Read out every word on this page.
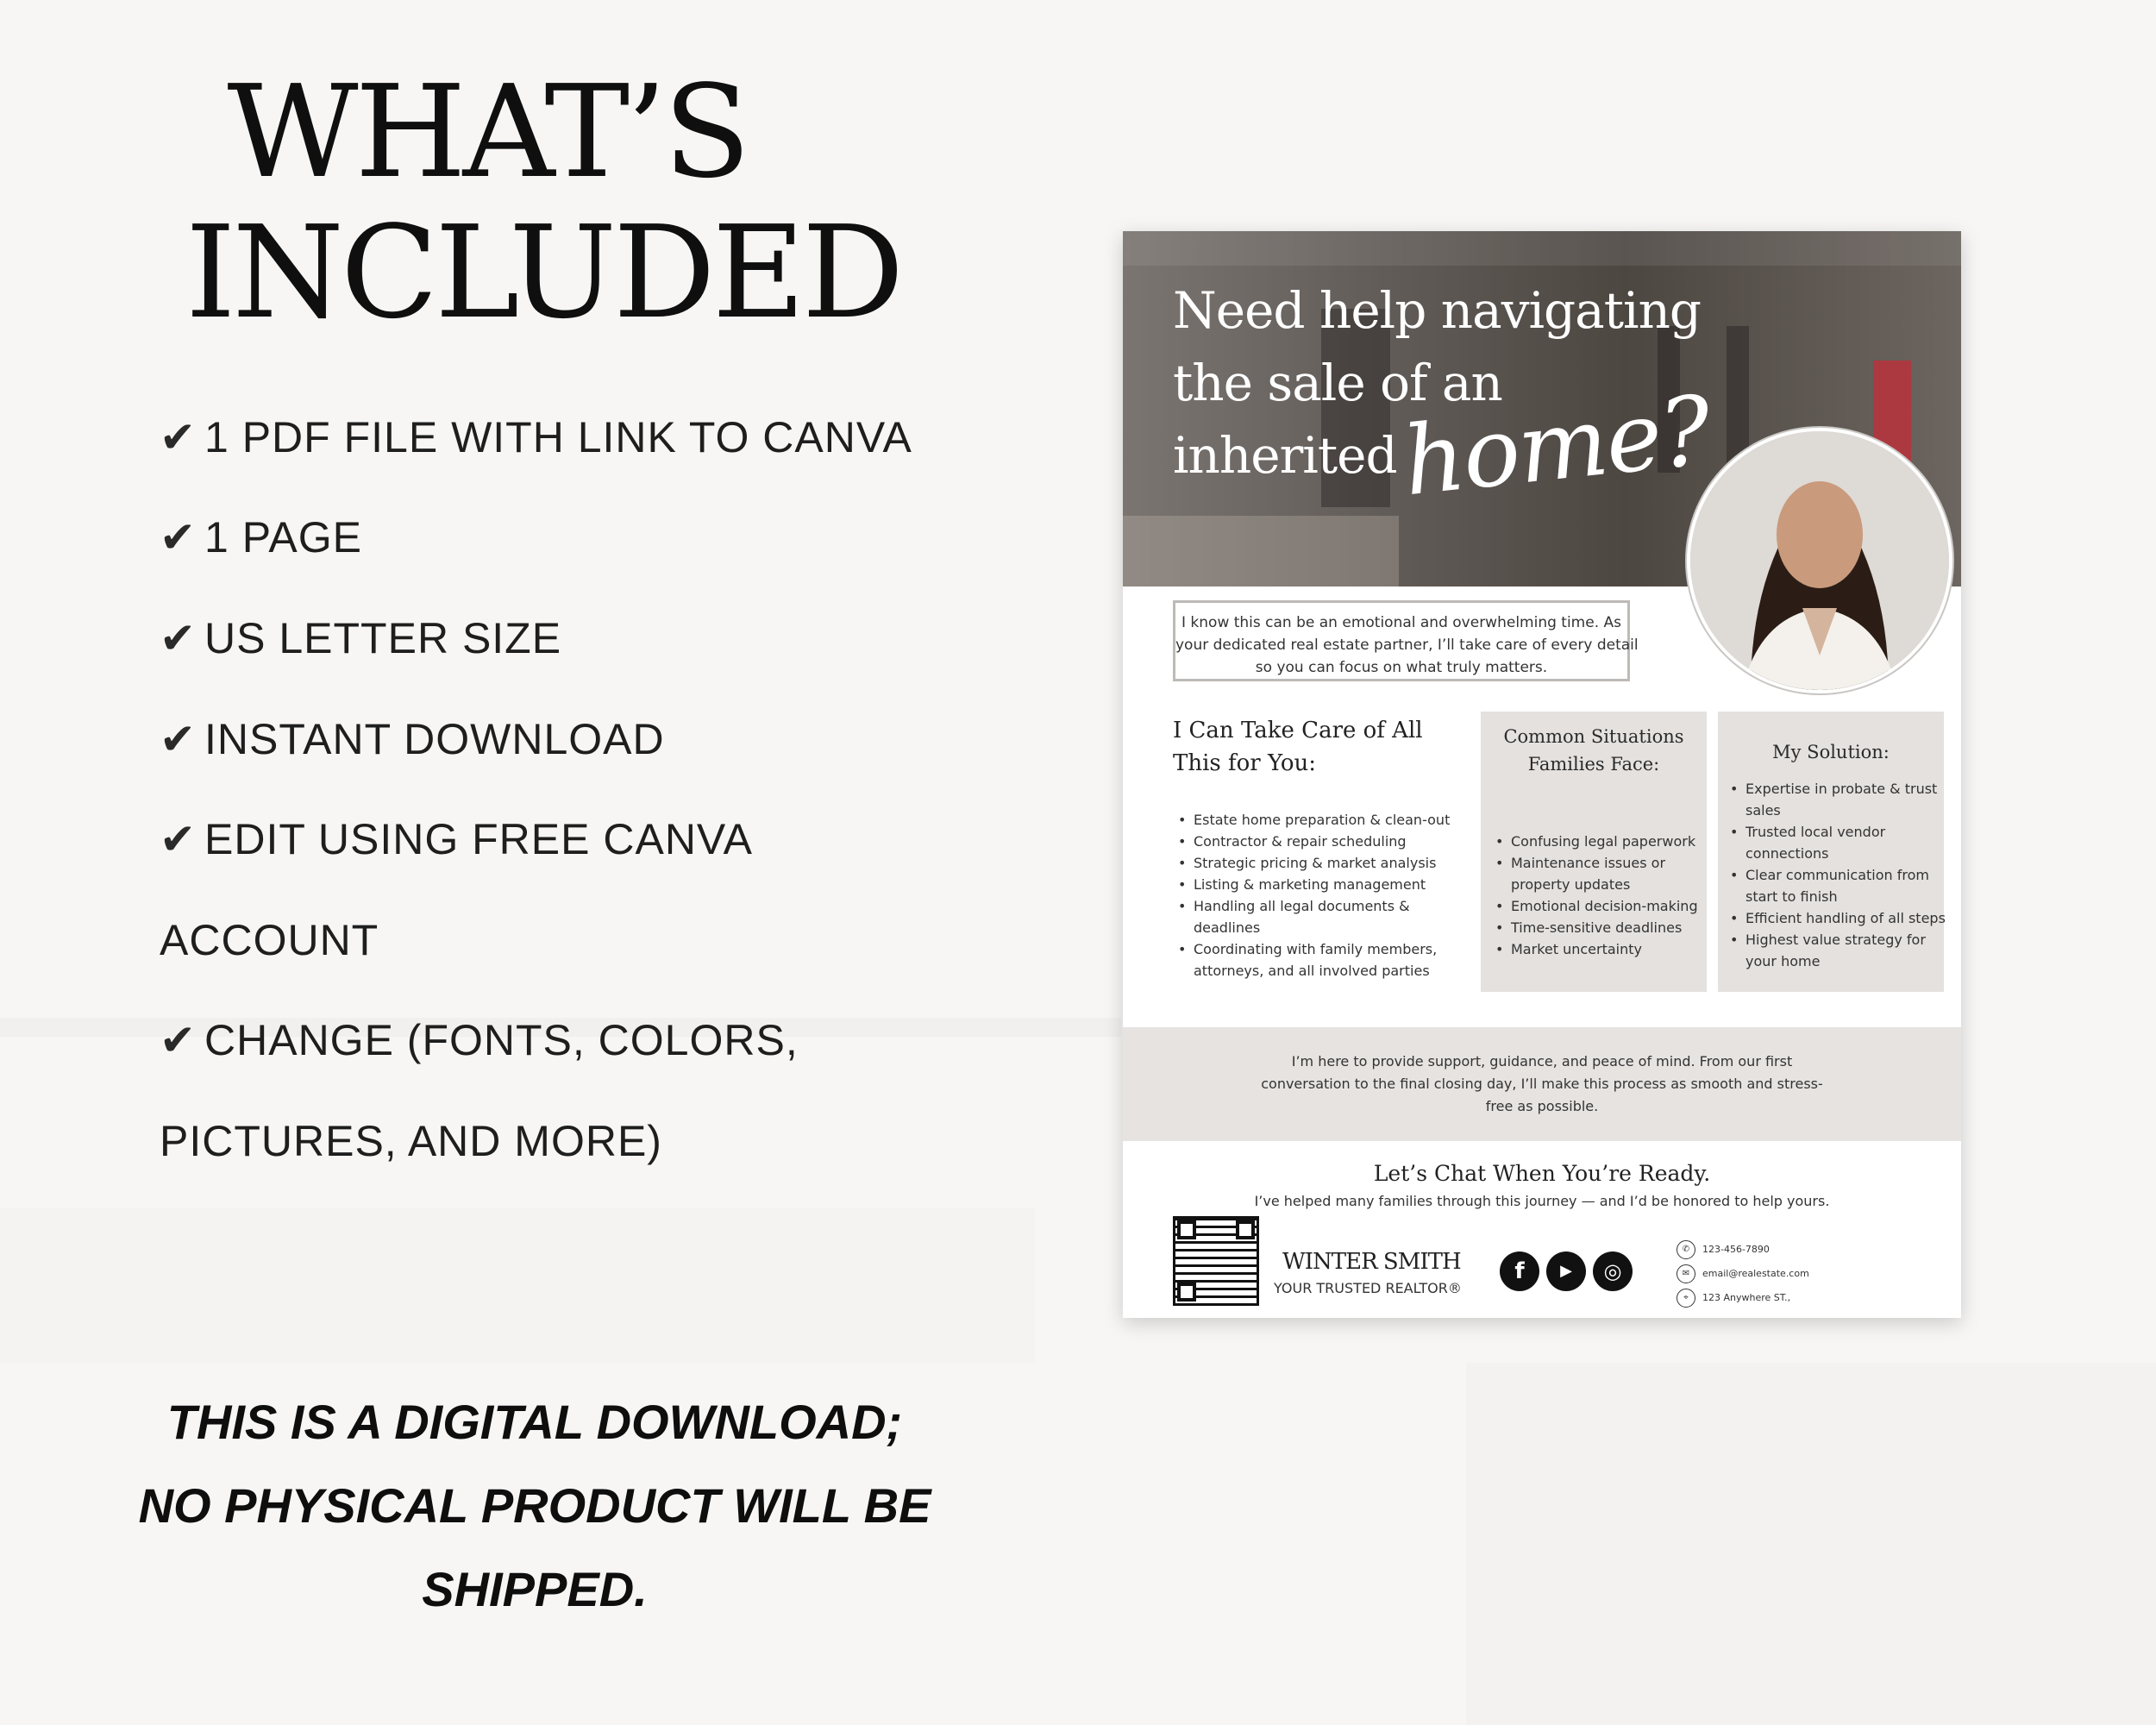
WHAT’S
INCLUDED
✔ 1 PDF FILE WITH LINK TO CANVA
✔ 1 PAGE
✔ US LETTER SIZE
✔ INSTANT DOWNLOAD
✔ EDIT USING FREE CANVA
ACCOUNT
✔ CHANGE (FONTS, COLORS,
PICTURES, AND MORE)
THIS IS A DIGITAL DOWNLOAD;
NO PHYSICAL PRODUCT WILL BE
SHIPPED.
Need help navigating
the sale of an
inherited home?
I know this can be an emotional and overwhelming time. As
your dedicated real estate partner, I’ll take care of every detail
so you can focus on what truly matters.
I Can Take Care of All
This for You:
• Estate home preparation & clean-out
• Contractor & repair scheduling
• Strategic pricing & market analysis
• Listing & marketing management
• Handling all legal documents &
deadlines
• Coordinating with family members,
attorneys, and all involved parties
Common Situations
Families Face:
• Confusing legal paperwork
• Maintenance issues or
property updates
• Emotional decision-making
• Time-sensitive deadlines
• Market uncertainty
My Solution:
• Expertise in probate & trust
sales
• Trusted local vendor
connections
• Clear communication from
start to finish
• Efficient handling of all steps
• Highest value strategy for
your home
I’m here to provide support, guidance, and peace of mind. From our first
conversation to the final closing day, I’ll make this process as smooth and stress-
free as possible.
Let’s Chat When You’re Ready.
I’ve helped many families through this journey — and I’d be honored to help yours.
WINTER SMITH
YOUR TRUSTED REALTOR®
f	▶	◎
✆ 123-456-7890
✉ email@realestate.com
⌖ 123 Anywhere ST.,
